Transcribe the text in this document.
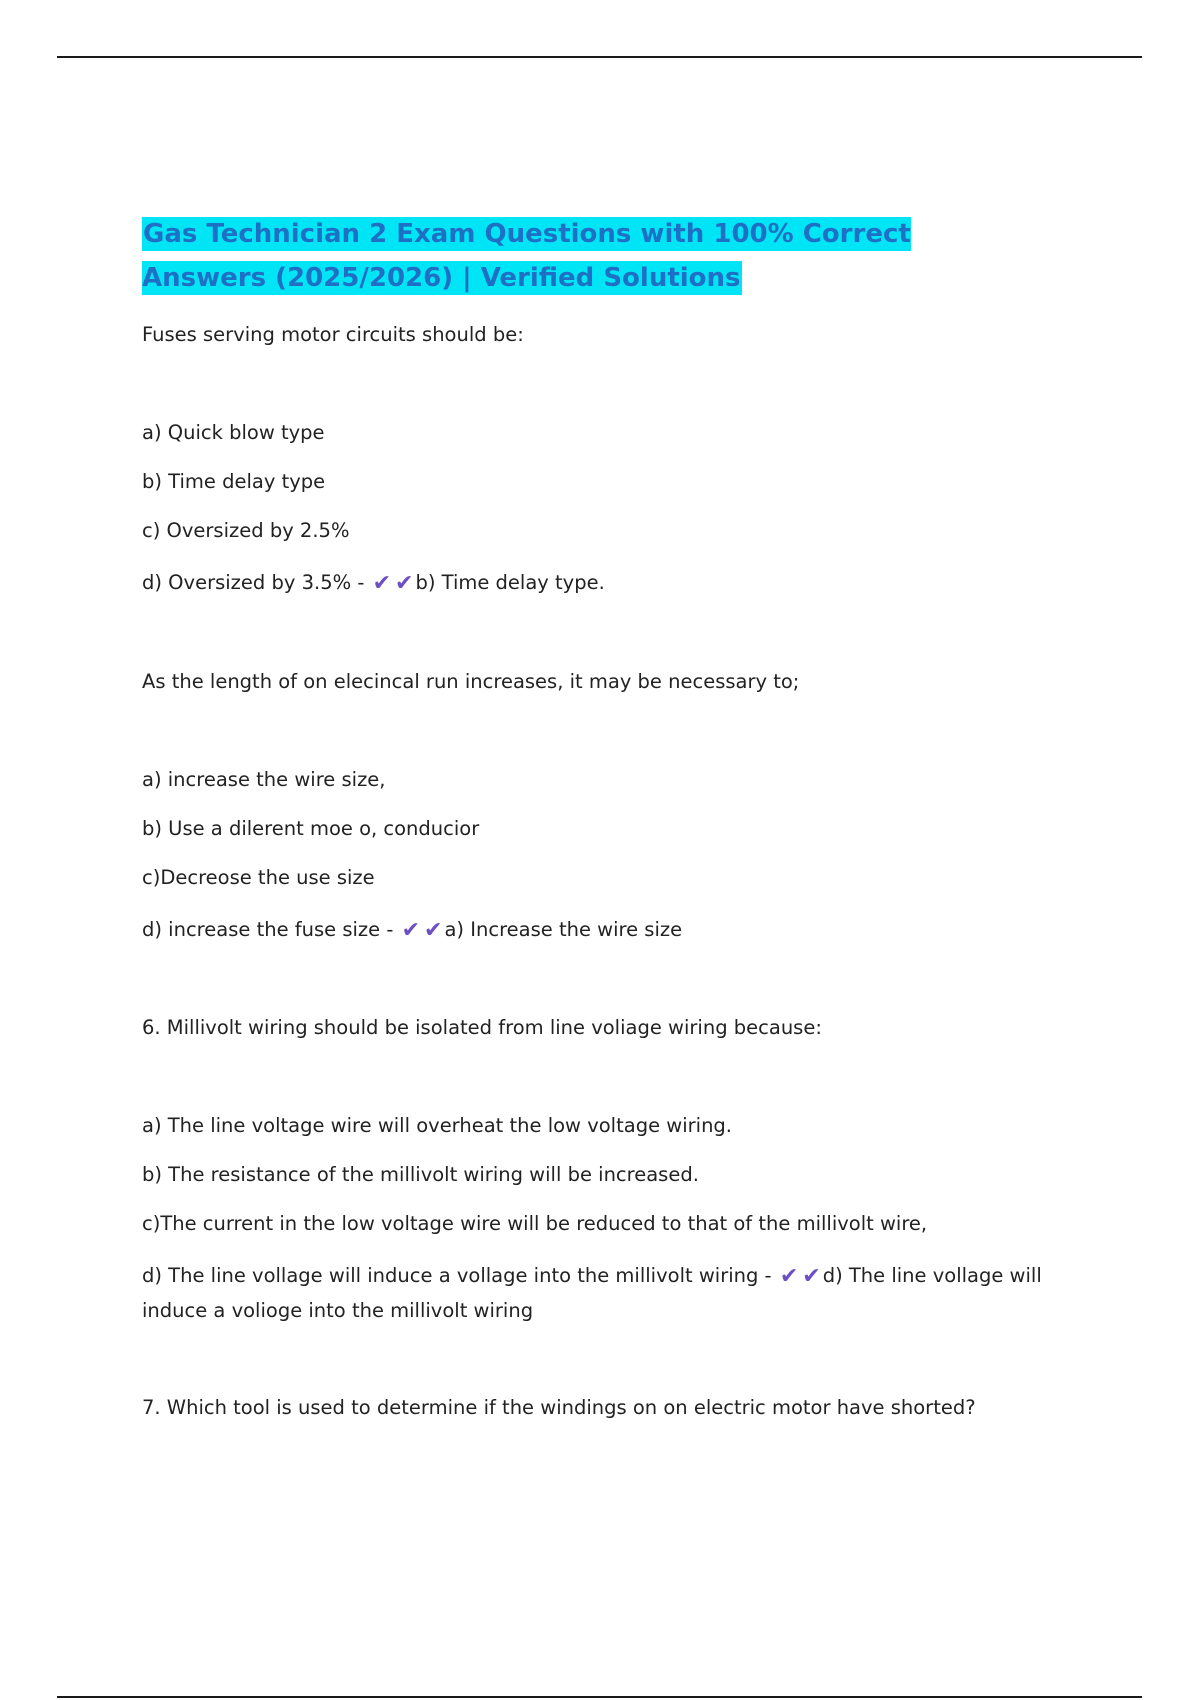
Gas Technician 2 Exam Questions with 100% Correct Answers (2025/2026) | Verified Solutions
Fuses serving motor circuits should be:
a) Quick blow type
b) Time delay type
c) Oversized by 2.5%
d) Oversized by 3.5% - ✔ ✔ b) Time delay type.
As the length of on elecincal run increases, it may be necessary to;
a) increase the wire size,
b) Use a dilerent moe o, conducior
c)Decreose the use size
d) increase the fuse size - ✔ ✔ a) Increase the wire size
6. Millivolt wiring should be isolated from line voliage wiring because:
a) The line voltage wire will overheat the low voltage wiring.
b) The resistance of the millivolt wiring will be increased.
c)The current in the low voltage wire will be reduced to that of the millivolt wire,
d) The line vollage will induce a vollage into the millivolt wiring - ✔ ✔ d) The line vollage will induce a volioge into the millivolt wiring
7. Which tool is used to determine if the windings on on electric motor have shorted?
